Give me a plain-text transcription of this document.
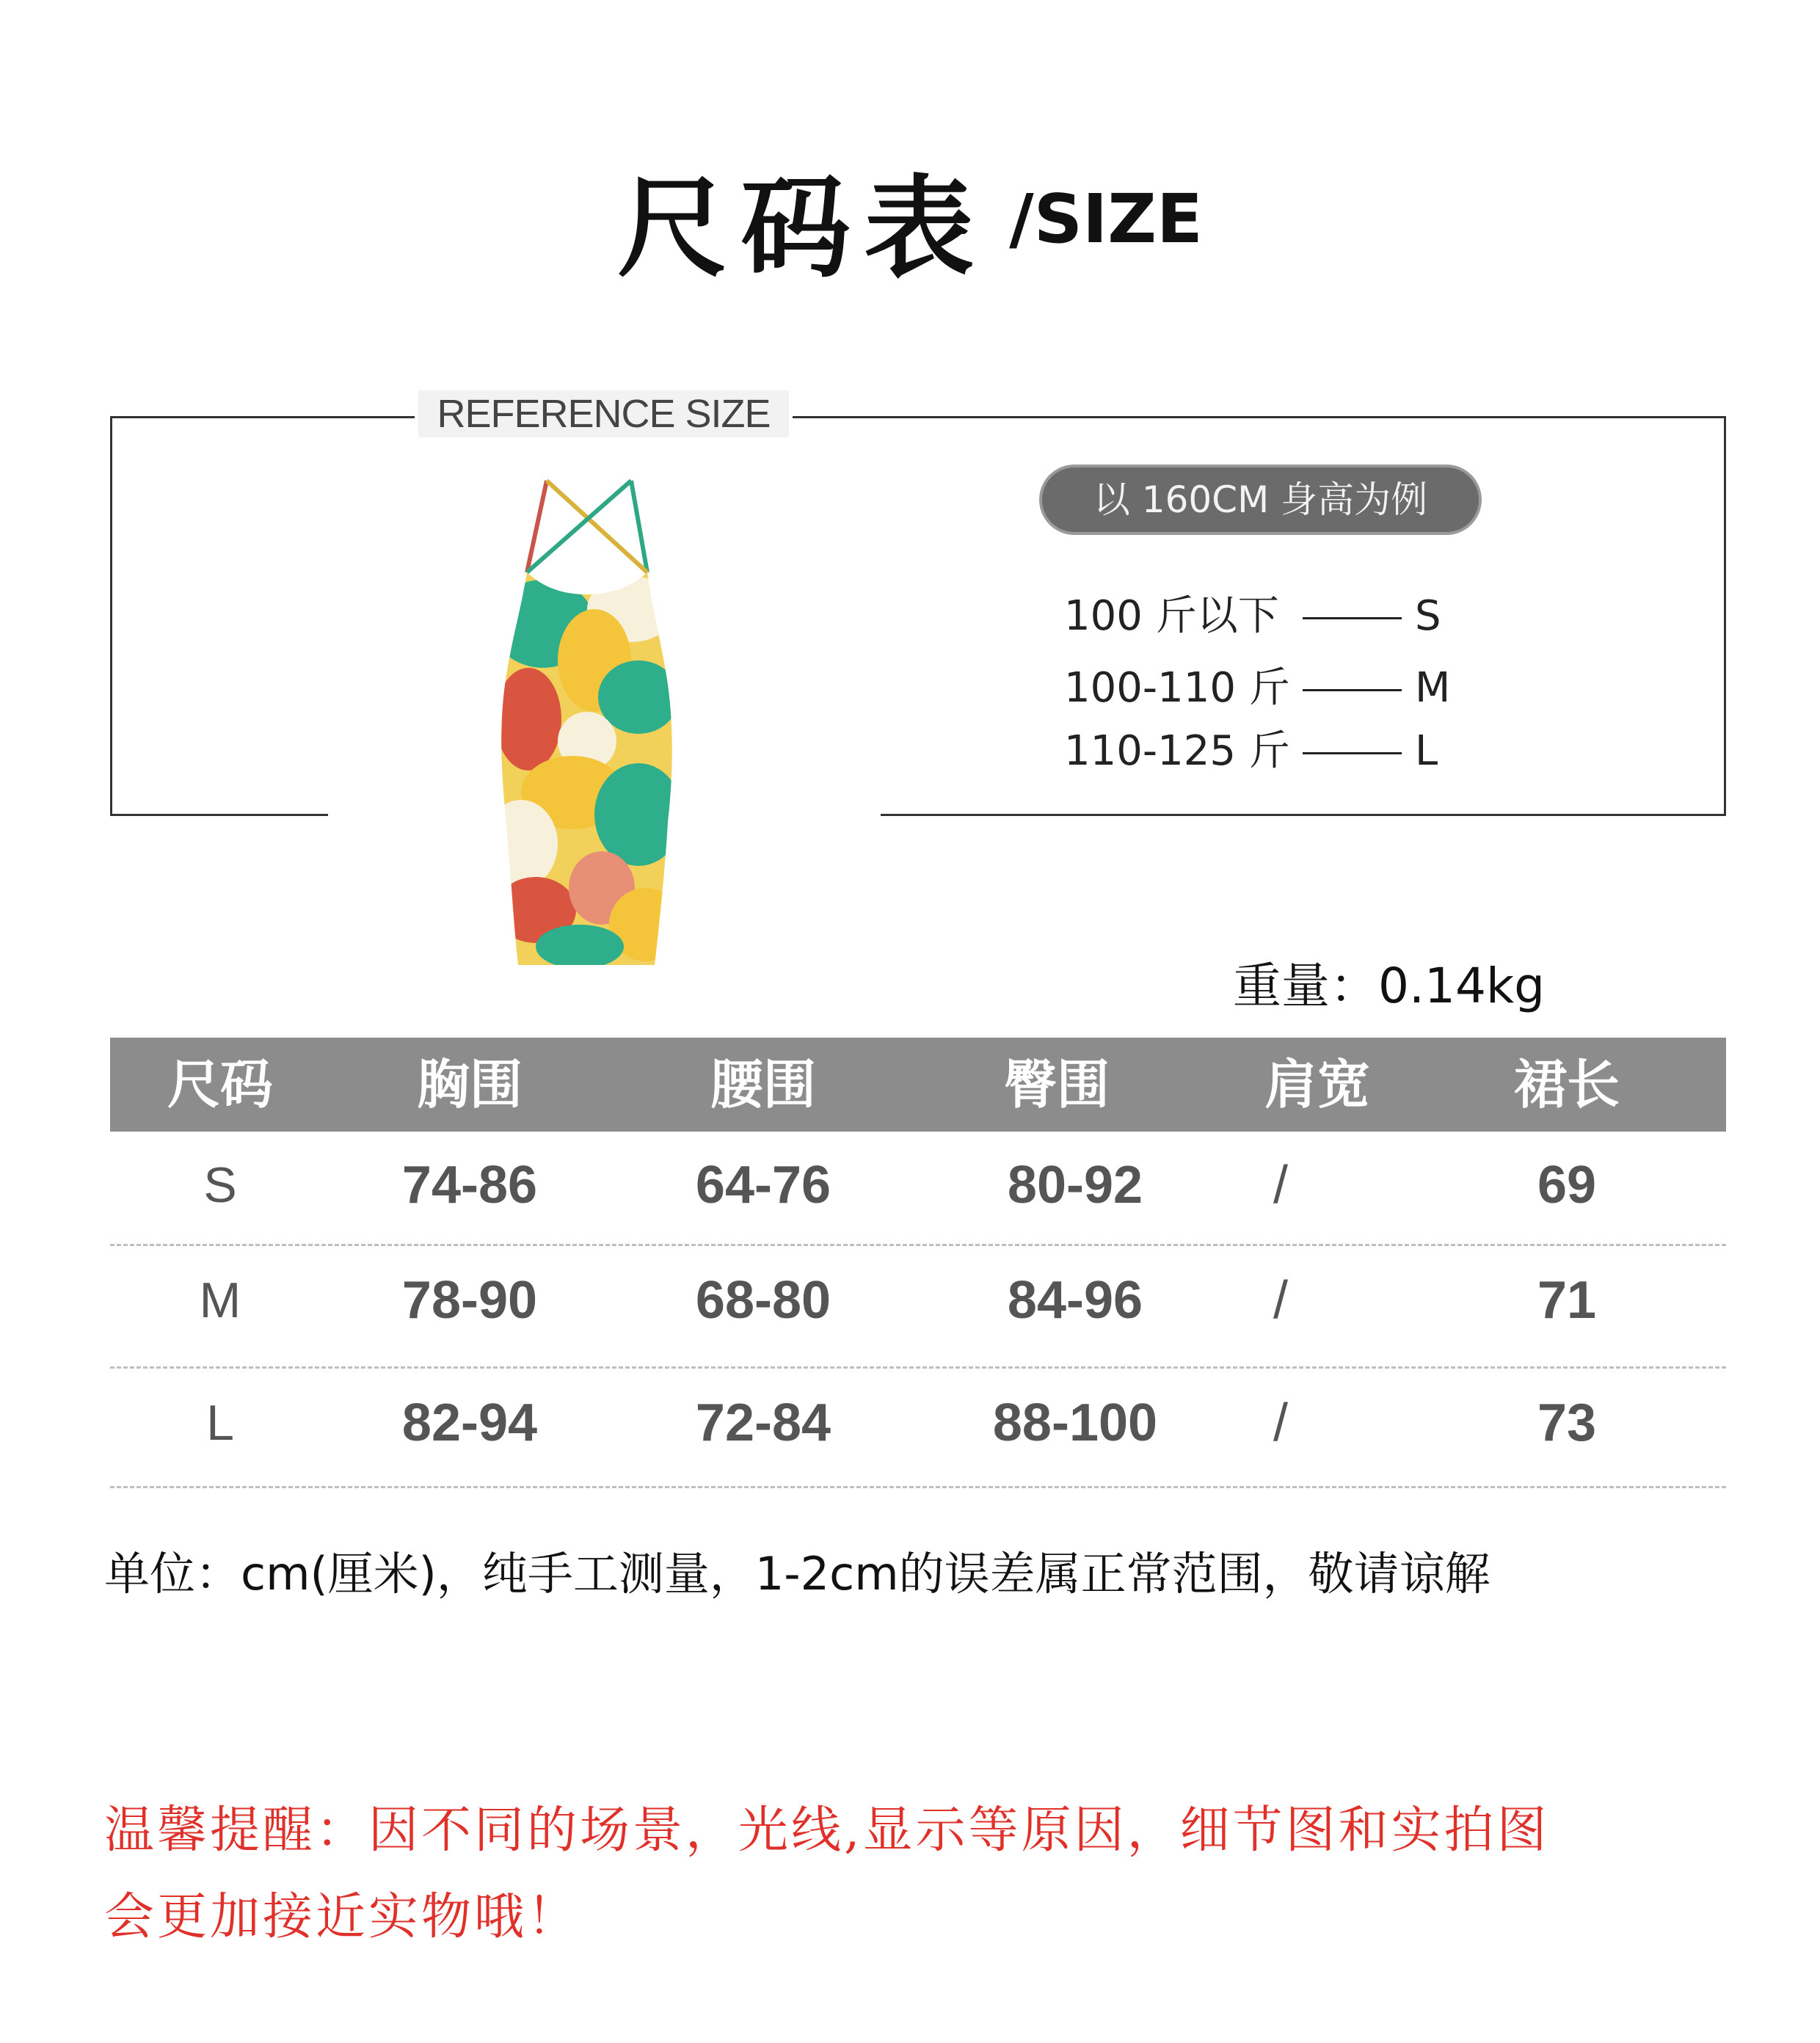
尺码表 /SIZE
REFERENCE SIZE
以 160CM 身高为例
100 斤以下	S
100-110 斤	M
110-125 斤	L
重量：0.14kg
尺码	胸围	腰围	臀围	肩宽	裙长
S	74-86	64-76	80-92	/	69
M	78-90	68-80	84-96	/	71
L	82-94	72-84	88-100	/	73
单位：cm(厘米)，纯手工测量，1-2cm的误差属正常范围，敬请谅解
温馨提醒：因不同的场景，光线,显示等原因，细节图和实拍图
会更加接近实物哦！
